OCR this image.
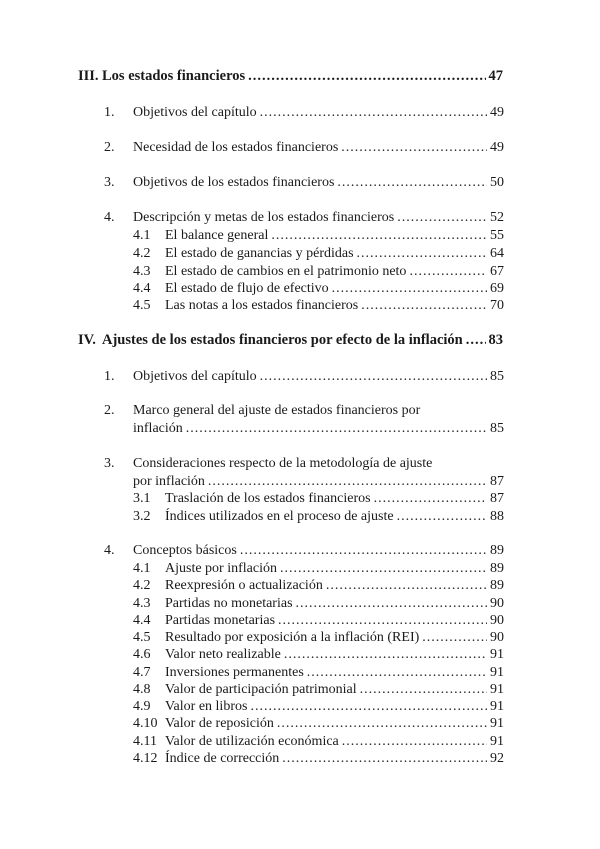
III. Los estados financieros .....	47
1.	Objetivos del capítulo .....	49
2.	Necesidad de los estados financieros .....	49
3.	Objetivos de los estados financieros .....	50
4.	Descripción y metas de los estados financieros .....	52
4.1	El balance general .....	55
4.2	El estado de ganancias y pérdidas .....	64
4.3	El estado de cambios en el patrimonio neto .....	67
4.4	El estado de flujo de efectivo .....	69
4.5	Las notas a los estados financieros .....	70
IV. Ajustes de los estados financieros por efecto de la inflación ..... 83
1.	Objetivos del capítulo .....	85
2.	Marco general del ajuste de estados financieros por
inflación .....	85
3.	Consideraciones respecto de la metodología de ajuste
por inflación .....	87
3.1	Traslación de los estados financieros .....	87
3.2	Índices utilizados en el proceso de ajuste .....	88
4.	Conceptos básicos .....	89
4.1	Ajuste por inflación .....	89
4.2	Reexpresión o actualización .....	89
4.3	Partidas no monetarias .....	90
4.4	Partidas monetarias .....	90
4.5	Resultado por exposición a la inflación (REI) .....	90
4.6	Valor neto realizable .....	91
4.7	Inversiones permanentes .....	91
4.8	Valor de participación patrimonial .....	91
4.9	Valor en libros .....	91
4.10 Valor de reposición .....	91
4.11 Valor de utilización económica .....	91
4.12 Índice de corrección .....	92
